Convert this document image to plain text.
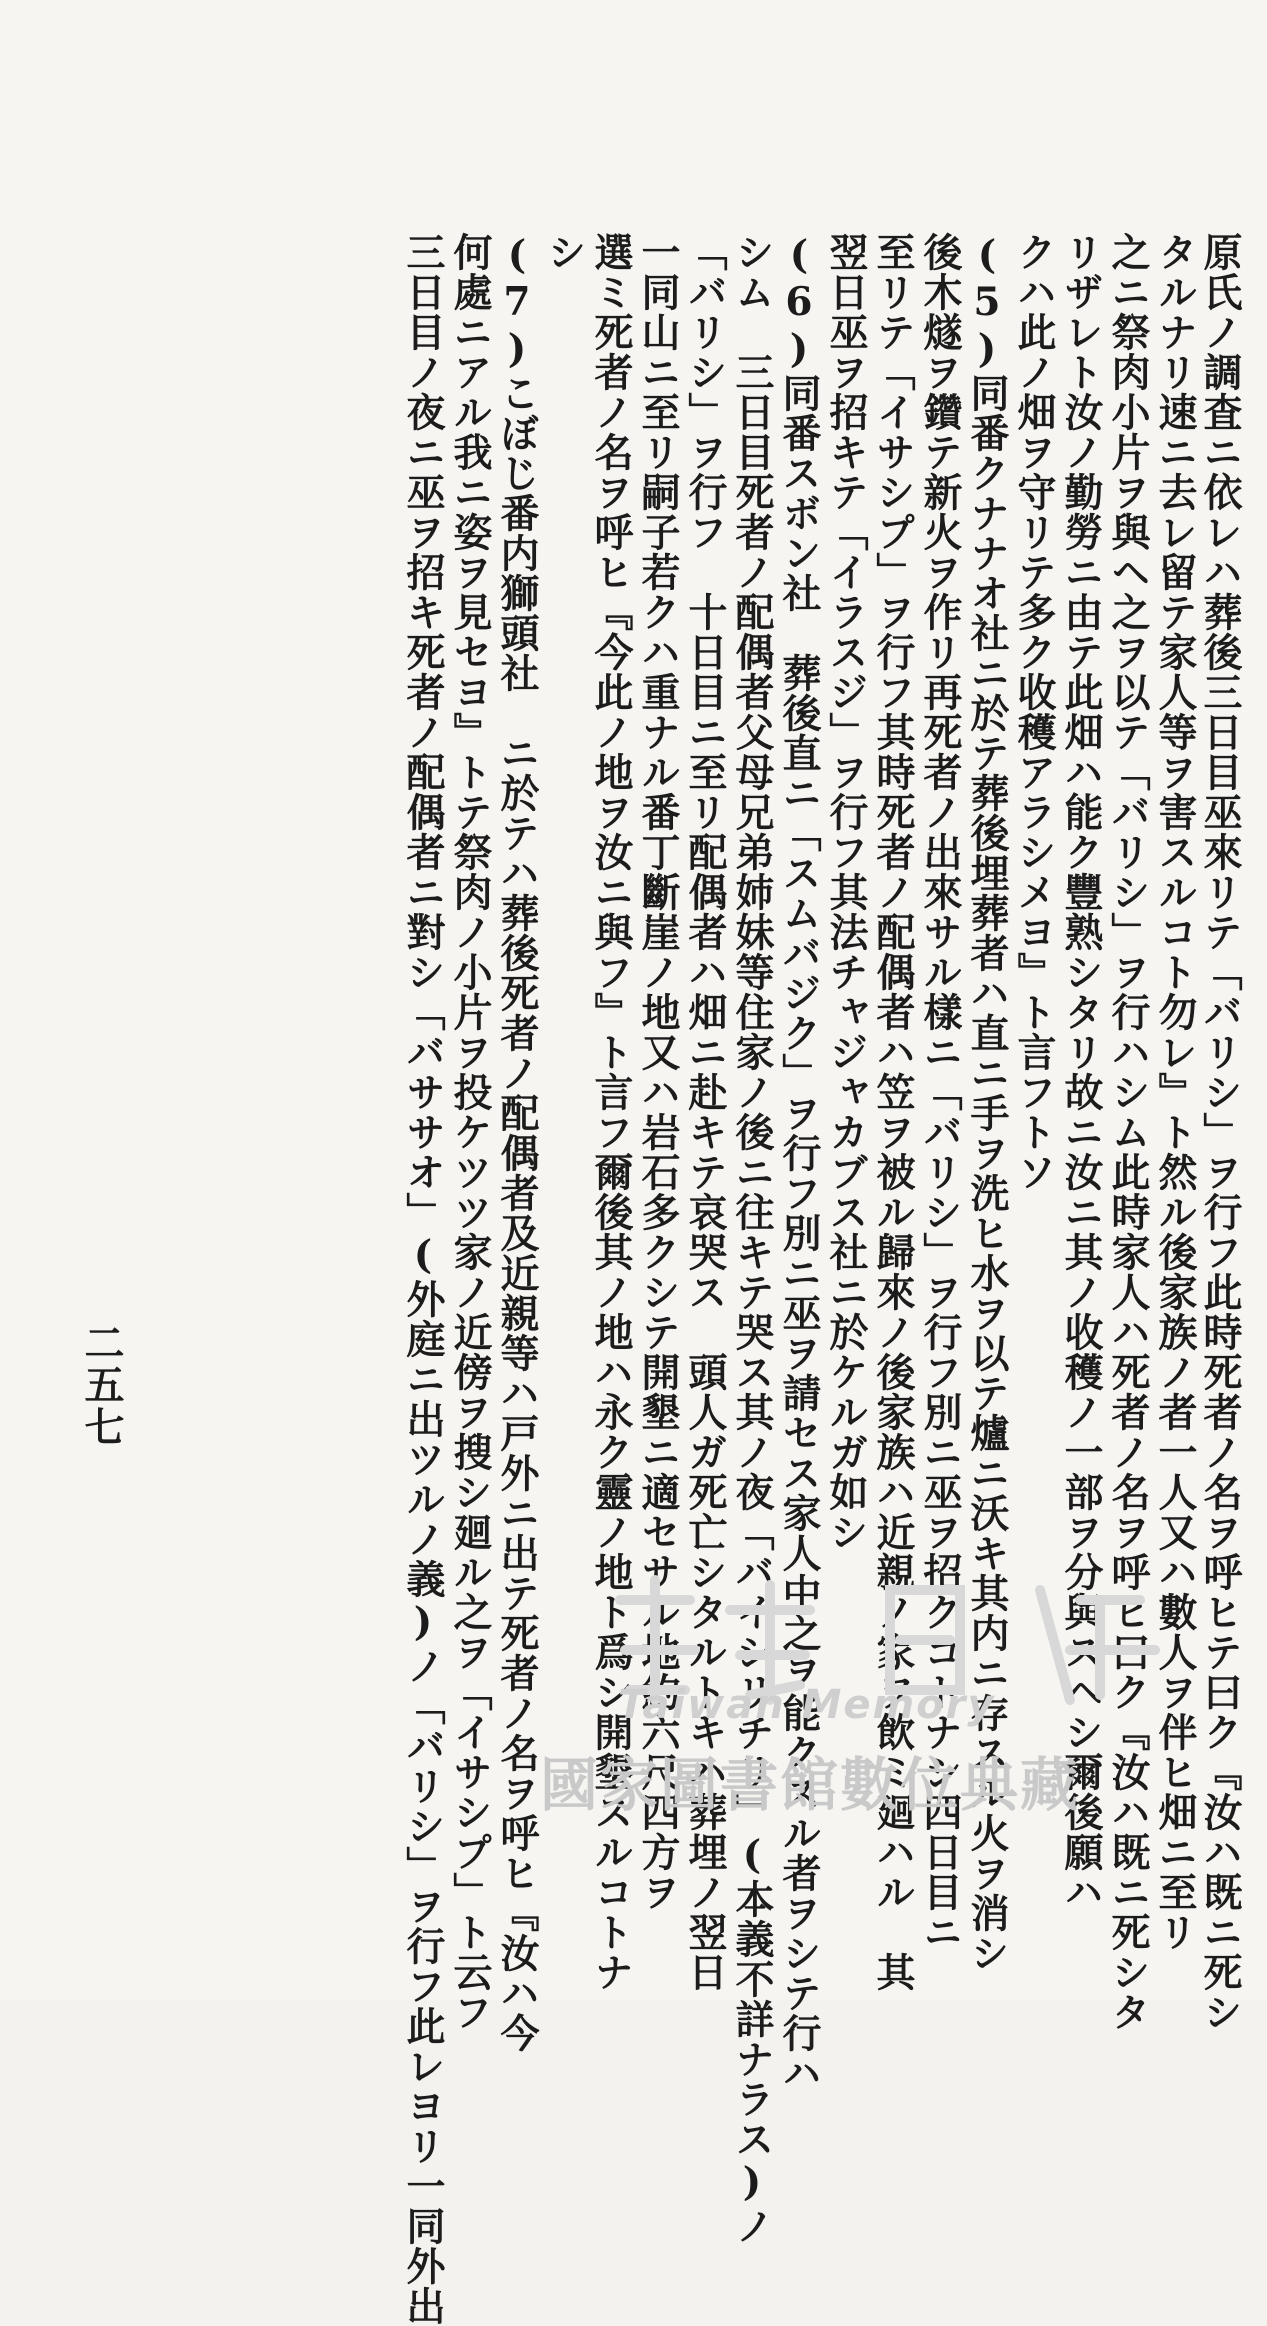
原氏ノ調査ニ依レハ葬後三日目巫來リテ「バリシ」ヲ行フ此時死者ノ名ヲ呼ヒテ曰ク『汝ハ既ニ死シ
タルナリ速ニ去レ留テ家人等ヲ害スルコト勿レ』ト然ル後家族ノ者一人又ハ數人ヲ伴ヒ畑ニ至リ
之ニ祭肉小片ヲ與ヘ之ヲ以テ「バリシ」ヲ行ハシム此時家人ハ死者ノ名ヲ呼ヒ曰ク『汝ハ既ニ死シタ
リザレト汝ノ勤勞ニ由テ此畑ハ能ク豐熟シタリ故ニ汝ニ其ノ收穫ノ一部ヲ分與スヘシ爾後願ハ
クハ此ノ畑ヲ守リテ多ク收穫アラシメヨ』ト言フトソ
(5)同番クナナオ社ニ於テ葬後埋葬者ハ直ニ手ヲ洗ヒ水ヲ以テ爐ニ沃キ其内ニ存スル火ヲ消シ
後木燧ヲ鑽テ新火ヲ作リ再死者ノ出來サル樣ニ「バリシ」ヲ行フ別ニ巫ヲ招クコトナシ四日目ニ
至リテ「イサシプ」ヲ行フ其時死者ノ配偶者ハ笠ヲ被ル歸來ノ後家族ハ近親ノ家ヲ飲ミ廻ハル　其
翌日巫ヲ招キテ「イラスジ」ヲ行フ其法チャジャカブス社ニ於ケルガ如シ
(6)同番スボン社　葬後直ニ「スムバジク」ヲ行フ別ニ巫ヲ請セス家人中之ヲ能クスル者ヲシテ行ハ
シム　三日目死者ノ配偶者父母兄弟姉妹等住家ノ後ニ往キテ哭ス其ノ夜「バイシリチリ」(本義不詳ナラス)ノ
「バリシ」ヲ行フ　十日目ニ至リ配偶者ハ畑ニ赴キテ哀哭ス　頭人ガ死亡シタルトキハ葬埋ノ翌日
一同山ニ至リ嗣子若クハ重ナル番丁斷崖ノ地又ハ岩石多クシテ開墾ニ適セサル地約六尺四方ヲ
選ミ死者ノ名ヲ呼ヒ『今此ノ地ヲ汝ニ與フ』ト言フ爾後其ノ地ハ永ク靈ノ地ト爲シ開墾スルコトナ
シ
(7)こぼじ番内獅頭社　ニ於テハ葬後死者ノ配偶者及近親等ハ戸外ニ出テ死者ノ名ヲ呼ヒ『汝ハ今
何處ニアル我ニ姿ヲ見セヨ』トテ祭肉ノ小片ヲ投ケツツ家ノ近傍ヲ搜シ廻ル之ヲ「イサシプ」ト云フ
三日目ノ夜ニ巫ヲ招キ死者ノ配偶者ニ對シ「バササオ」(外庭ニ出ツルノ義)ノ「バリシ」ヲ行フ此レヨリ一同外出
二五七
Taiwan Memory
國家圖書館數位典藏
